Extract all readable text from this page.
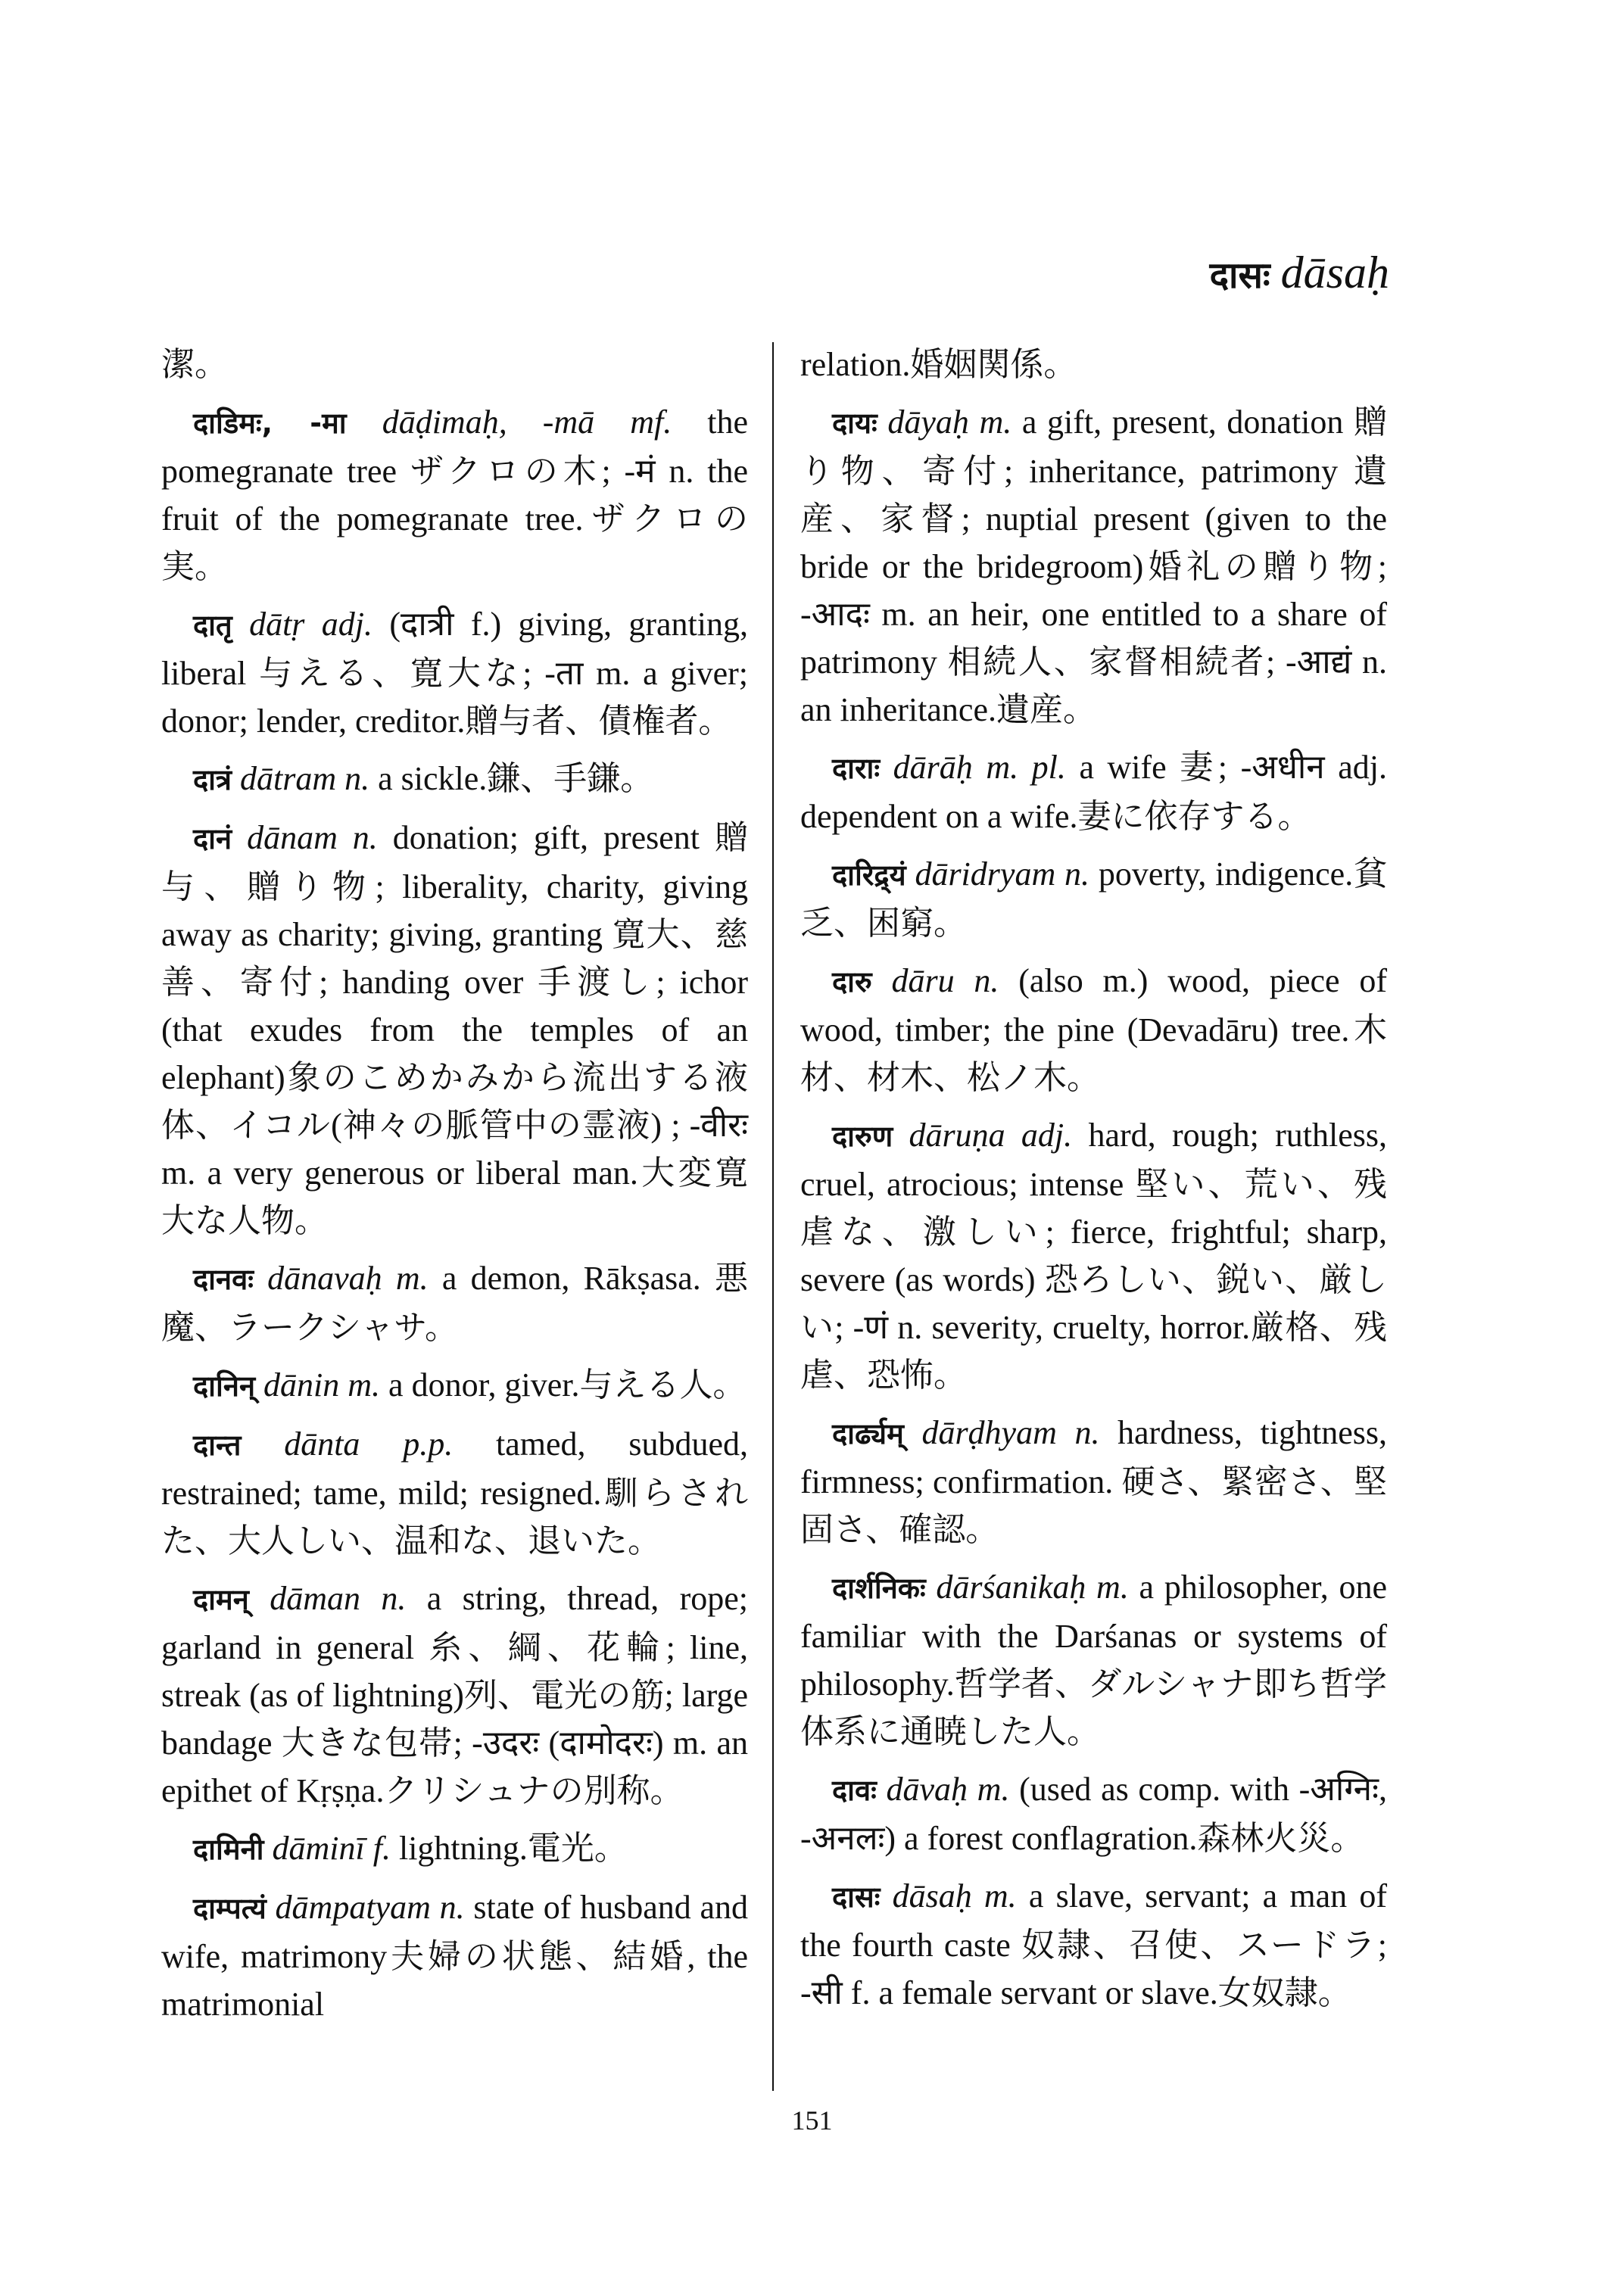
दासः dāsaḥ

潔。

दाडिमः, -मा dāḍimaḥ, -mā mf. the pomegranate tree ザクロの木; -मं n. the fruit of the pomegranate tree.ザクロの実。

दातृ dātṛ adj. (दात्री f.) giving, granting, liberal 与える、寛大な; -ता m. a giver; donor; lender, creditor.贈与者、債権者。

दात्रं dātram n. a sickle.鎌、手鎌。

दानं dānam n. donation; gift, present 贈与、贈り物; liberality, charity, giving away as charity; giving, granting 寛大、慈善、寄付; handing over 手渡し; ichor (that exudes from the temples of an elephant)象のこめかみから流出する液体、イコル(神々の脈管中の霊液) ; -वीरः m. a very generous or liberal man.大変寛大な人物。

दानवः dānavaḥ m. a demon, Rākṣasa. 悪魔、ラークシャサ。

दानिन् dānin m. a donor, giver.与える人。

दान्त dānta p.p. tamed, subdued, restrained; tame, mild; resigned.馴らされた、大人しい、温和な、退いた。

दामन् dāman n. a string, thread, rope; garland in general 糸、綱、花輪; line, streak (as of lightning)列、電光の筋; large bandage 大きな包帯; -उदरः (दामोदरः) m. an epithet of Kṛṣṇa.クリシュナの別称。

दामिनी dāminī f. lightning.電光。

दाम्पत्यं dāmpatyam n. state of husband and wife, matrimony夫婦の状態、結婚, the matrimonial

relation.婚姻関係。

दायः dāyaḥ m. a gift, present, donation 贈り物、寄付; inheritance, patrimony 遺産、家督; nuptial present (given to the bride or the bridegroom)婚礼の贈り物; -आदः m. an heir, one entitled to a share of patrimony 相続人、家督相続者; -आद्यं n. an inheritance.遺産。

दाराः dārāḥ m. pl. a wife 妻; -अधीन adj. dependent on a wife.妻に依存する。

दारिद्र्यं dāridryam n. poverty, indigence.貧乏、困窮。

दारु dāru n. (also m.) wood, piece of wood, timber; the pine (Devadāru) tree.木材、材木、松ノ木。

दारुण dāruṇa adj. hard, rough; ruthless, cruel, atrocious; intense 堅い、荒い、残虐な、激しい; fierce, frightful; sharp, severe (as words) 恐ろしい、鋭い、厳しい; -णं n. severity, cruelty, horror.厳格、残虐、恐怖。

दार्ढ्यम् dārḍhyam n. hardness, tightness, firmness; confirmation. 硬さ、緊密さ、堅固さ、確認。

दार्शनिकः dārśanikaḥ m. a philosopher, one familiar with the Darśanas or systems of philosophy.哲学者、ダルシャナ即ち哲学体系に通暁した人。

दावः dāvaḥ m. (used as comp. with -अग्निः, -अनलः) a forest conflagration.森林火災。

दासः dāsaḥ m. a slave, servant; a man of the fourth caste 奴隷、召使、スードラ; -सी f. a female servant or slave.女奴隷。

151
